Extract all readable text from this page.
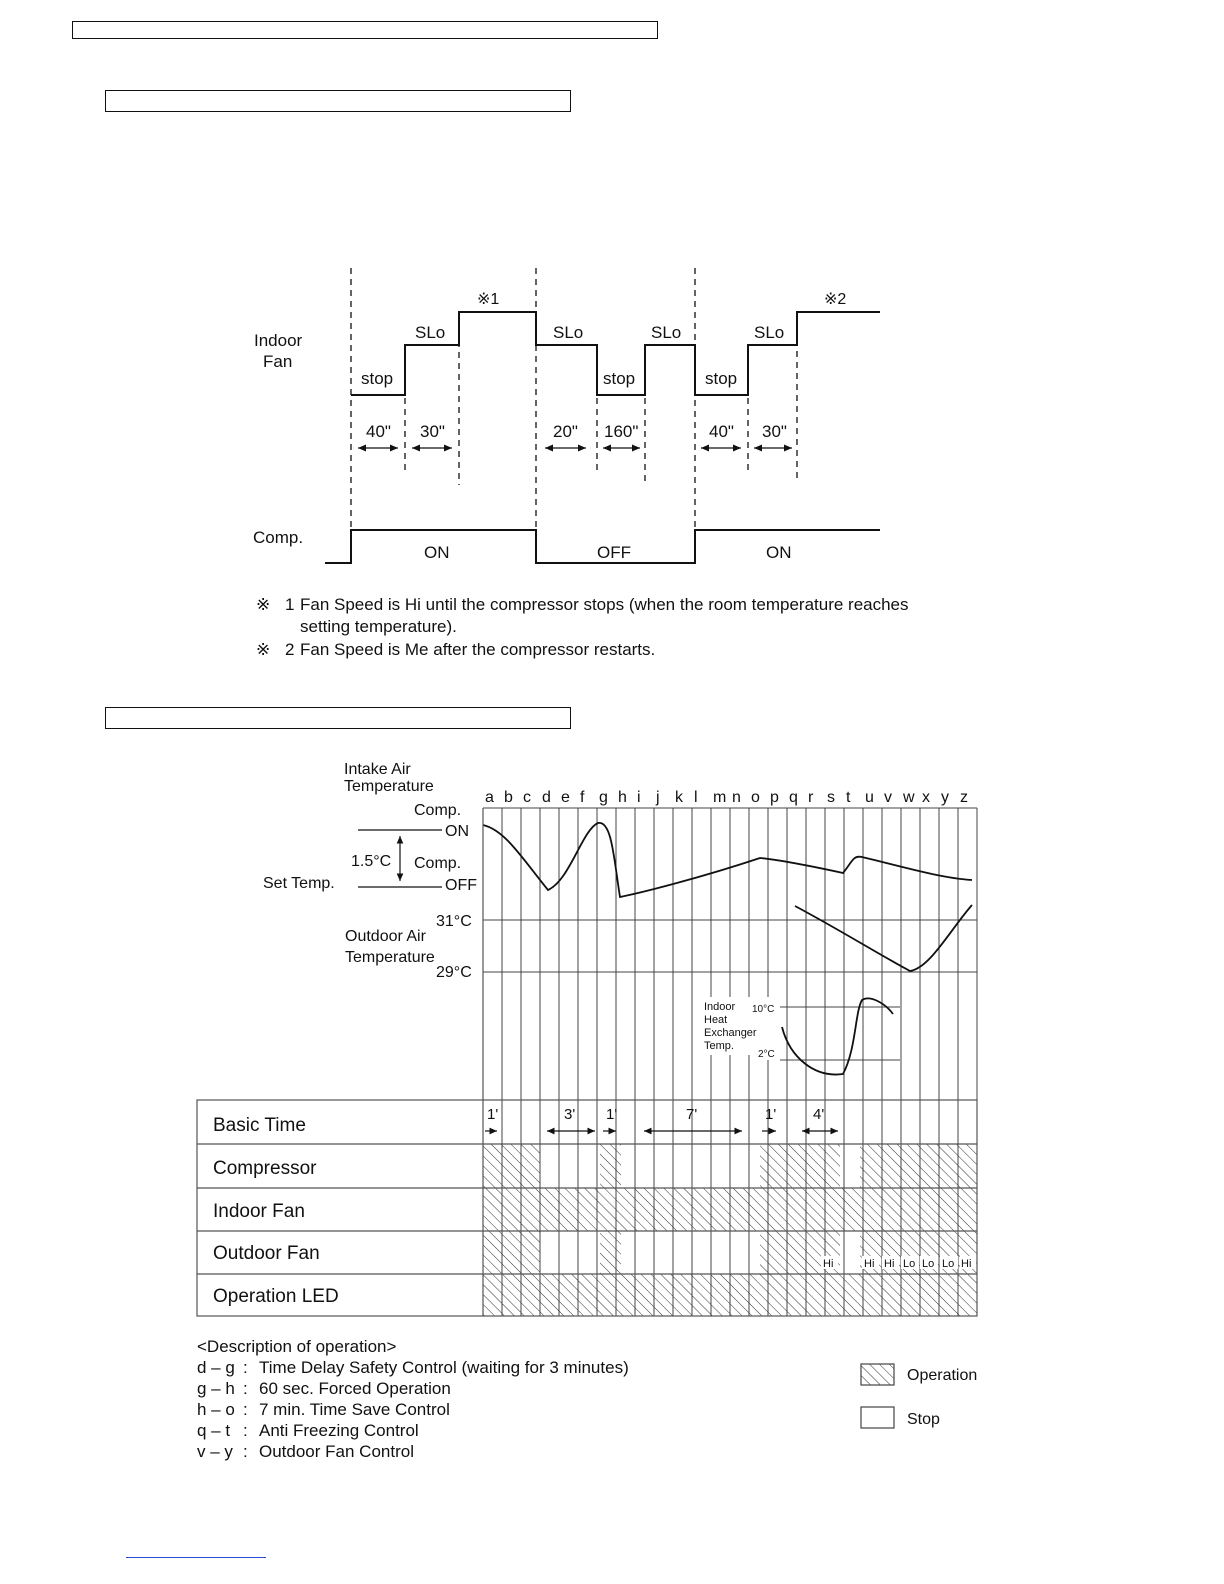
Indoor
Fan
Comp.
※1	※2
stop
SLo	SLo
stop
SLo
stop
SLo
40" 30"	20" 160"	40" 30"
ON	OFF	ON
※ 1 Fan Speed is Hi until the compressor stops (when the room temperature reaches
setting temperature).
※ 2 Fan Speed is Me after the compressor restarts.
Intake Air
Temperature
a b c d e f g h i j k l m n o p q r s t u v w x y z
Comp.
ON
1.5°C Comp.
OFF
Set Temp.
31°C
Outdoor Air
Temperature
29°C
Indoor
Heat
Exchanger
Temp.
10°C
2°C
Basic Time
Compressor
Indoor Fan
Outdoor Fan
Operation LED
1'	3' 1'	7'	1' 4'
Hi	Hi Hi Lo Lo Lo Hi
<Description of operation>
d – g : Time Delay Safety Control (waiting for 3 minutes)
g – h : 60 sec. Forced Operation
h – o : 7 min. Time Save Control
q – t : Anti Freezing Control
v – y : Outdoor Fan Control
Operation
Stop
